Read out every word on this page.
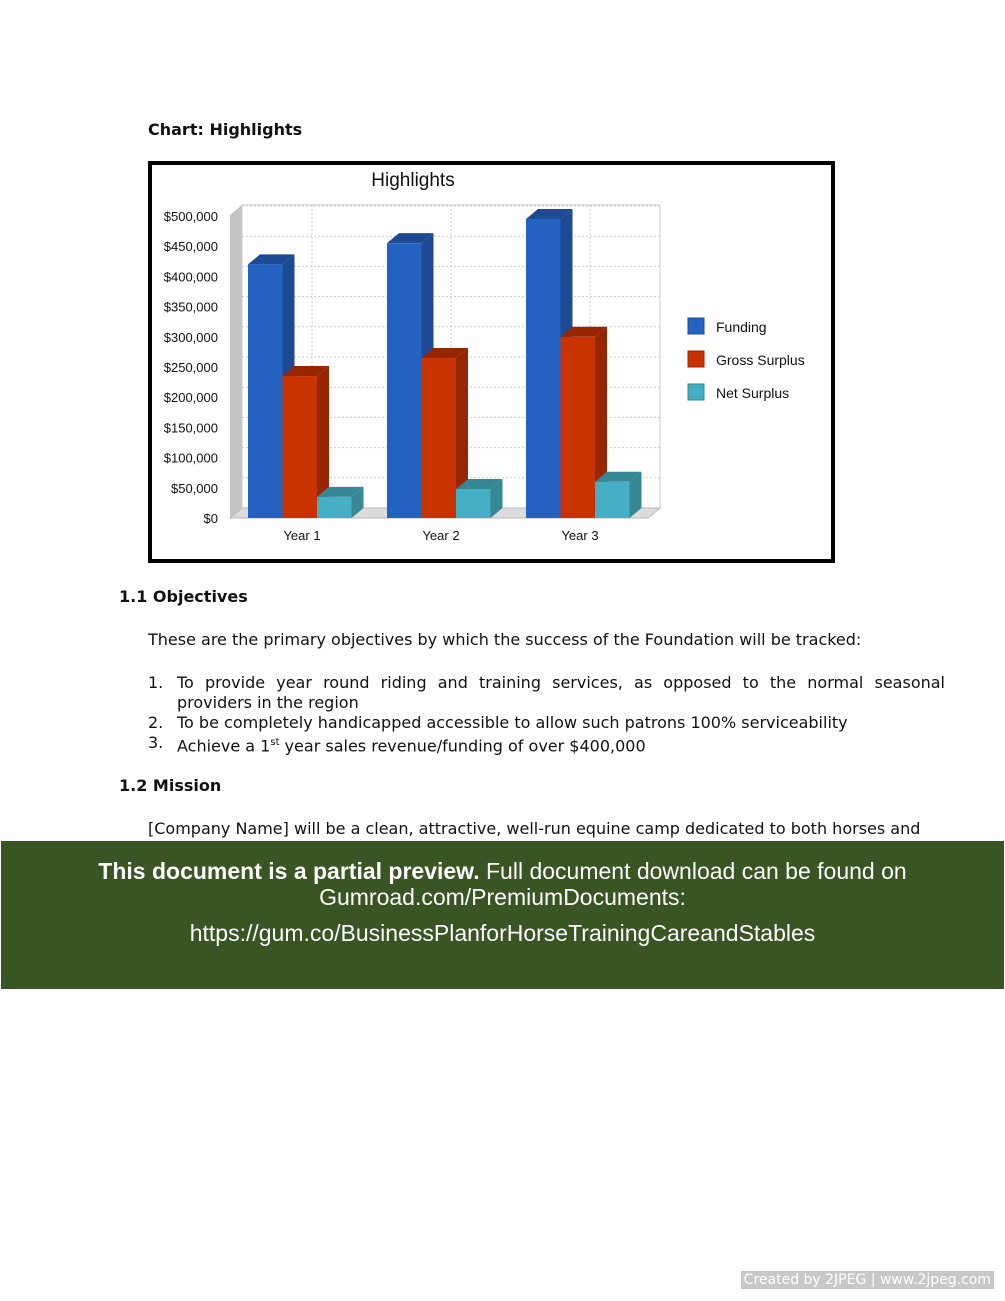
Chart: Highlights
Highlights
$0
$50,000
$100,000
$150,000
$200,000
$250,000
$300,000
$350,000
$400,000
$450,000
$500,000
Year 1	Year 2	Year 3
Funding
Gross Surplus
Net Surplus
1.1 Objectives
These are the primary objectives by which the success of the Foundation will be tracked:
1. To provide year round riding and training services, as opposed to the normal seasonal
providers in the region
2. To be completely handicapped accessible to allow such patrons 100% serviceability
3. Achieve a 1st year sales revenue/funding of over $400,000
1.2 Mission
[Company Name] will be a clean, attractive, well-run equine camp dedicated to both horses and
This document is a partial preview. Full document download can be found on
Gumroad.com/PremiumDocuments:
https://gum.co/BusinessPlanforHorseTrainingCareandStables
Created by 2JPEG | www.2jpeg.com
